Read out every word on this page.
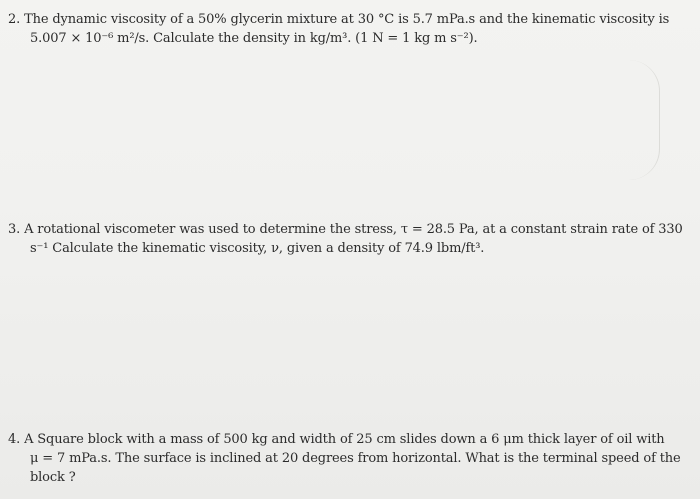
2. The dynamic viscosity of a 50% glycerin mixture at 30 °C is 5.7 mPa.s and the kinematic viscosity is
5.007 × 10⁻⁶ m²/s. Calculate the density in kg/m³. (1 N = 1 kg m s⁻²).
3. A rotational viscometer was used to determine the stress, τ = 28.5 Pa, at a constant strain rate of 330
s⁻¹ Calculate the kinematic viscosity, ν, given a density of 74.9 lbm/ft³.
4. A Square block with a mass of 500 kg and width of 25 cm slides down a 6 μm thick layer of oil with
μ = 7 mPa.s. The surface is inclined at 20 degrees from horizontal. What is the terminal speed of the
block ?
